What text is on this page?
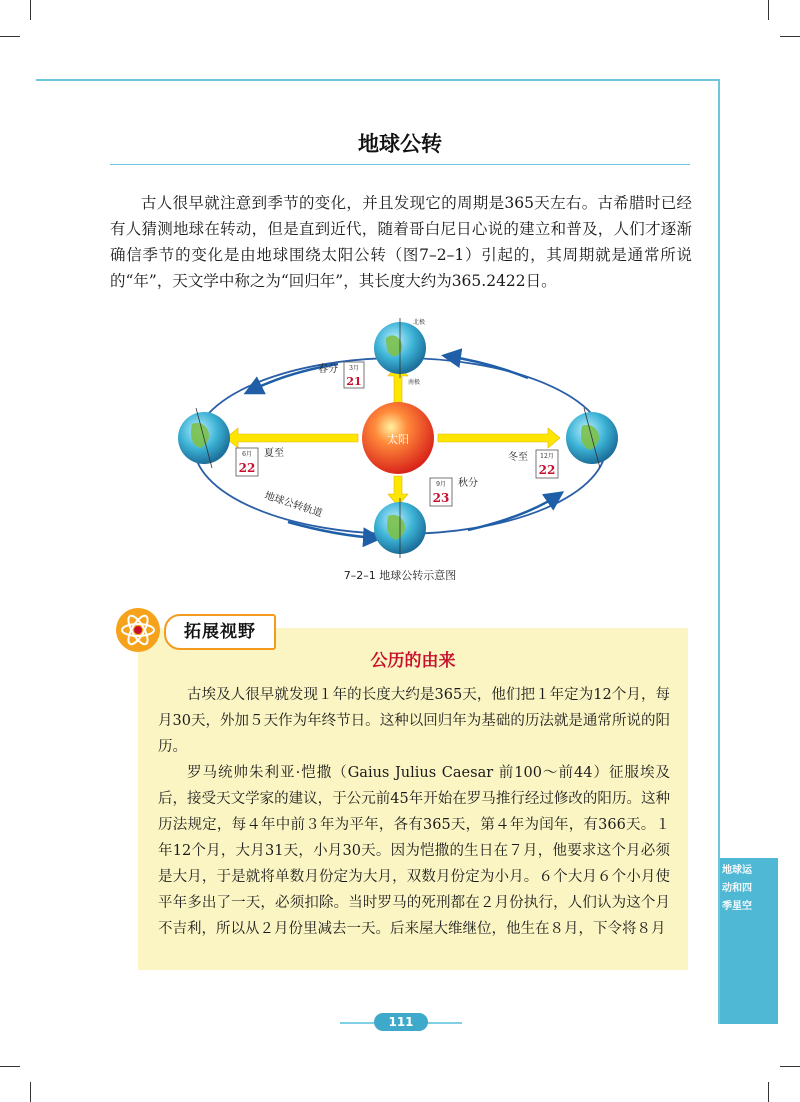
地球公转
古人很早就注意到季节的变化，并且发现它的周期是365天左右。古希腊时已经有人猜测地球在转动，但是直到近代，随着哥白尼日心说的建立和普及，人们才逐渐确信季节的变化是由地球围绕太阳公转（图7–2–1）引起的，其周期就是通常所说的“年”，天文学中称之为“回归年”，其长度大约为365.2422日。
太阳
北极
南极
春分 3月
21
夏至
6月
22
秋分
9月
23
冬至 12月
22
地球公转轨道
7–2–1 地球公转示意图
拓展视野
公历的由来
古埃及人很早就发现１年的长度大约是365天，他们把１年定为12个月，每月30天，外加５天作为年终节日。这种以回归年为基础的历法就是通常所说的阳历。
罗马统帅朱利亚·恺撒（Gaius Julius Caesar 前100～前44）征服埃及后，接受天文学家的建议，于公元前45年开始在罗马推行经过修改的阳历。这种历法规定，每４年中前３年为平年，各有365天，第４年为闰年，有366天。１年12个月，大月31天，小月30天。因为恺撒的生日在７月，他要求这个月必须是大月，于是就将单数月份定为大月，双数月份定为小月。６个大月６个小月使平年多出了一天，必须扣除。当时罗马的死刑都在２月份执行，人们认为这个月不吉利，所以从２月份里减去一天。后来屋大维继位，他生在８月，下令将８月
地球运动和四季星空
111
